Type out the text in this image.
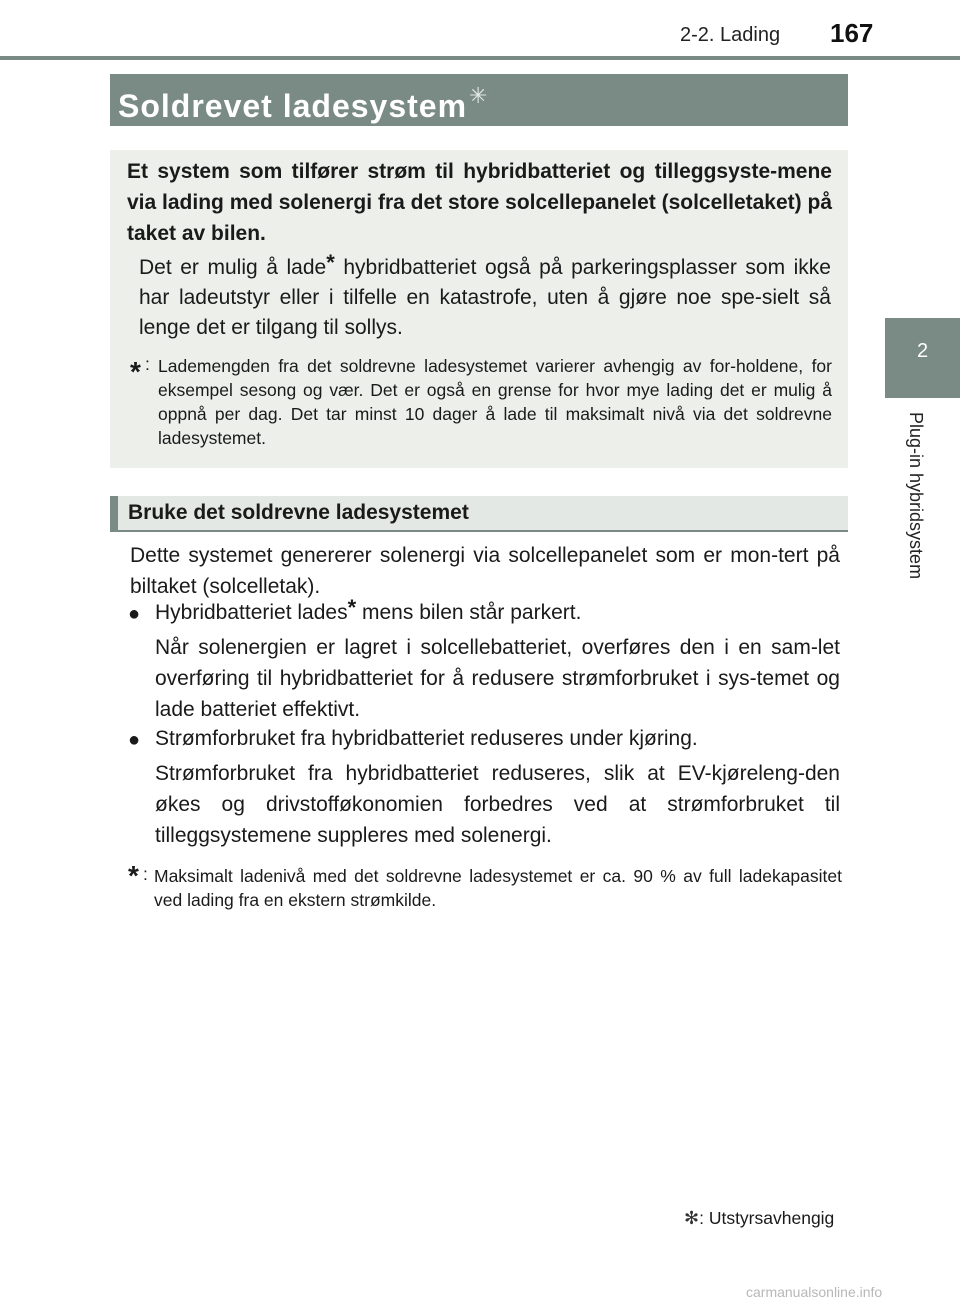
2-2. Lading 167
2
Plug-in hybridsystem
Soldrevet ladesystem✳
Et system som tilfører strøm til hybridbatteriet og tilleggsyste-mene via lading med solenergi fra det store solcellepanelet (solcelletaket) på taket av bilen.
Det er mulig å lade* hybridbatteriet også på parkeringsplasser som ikke har ladeutstyr eller i tilfelle en katastrofe, uten å gjøre noe spe-sielt så lenge det er tilgang til sollys.
* : Lademengden fra det soldrevne ladesystemet varierer avhengig av for-holdene, for eksempel sesong og vær. Det er også en grense for hvor mye lading det er mulig å oppnå per dag. Det tar minst 10 dager å lade til maksimalt nivå via det soldrevne ladesystemet.
Bruke det soldrevne ladesystemet
Dette systemet genererer solenergi via solcellepanelet som er mon-tert på biltaket (solcelletak).
● Hybridbatteriet lades* mens bilen står parkert.
Når solenergien er lagret i solcellebatteriet, overføres den i en sam-let overføring til hybridbatteriet for å redusere strømforbruket i sys-temet og lade batteriet effektivt.
● Strømforbruket fra hybridbatteriet reduseres under kjøring.
Strømforbruket fra hybridbatteriet reduseres, slik at EV-kjøreleng-den økes og drivstofføkonomien forbedres ved at strømforbruket til tilleggsystemene suppleres med solenergi.
* : Maksimalt ladenivå med det soldrevne ladesystemet er ca. 90 % av full ladekapasitet ved lading fra en ekstern strømkilde.
✻: Utstyrsavhengig
carmanualsonline.info
